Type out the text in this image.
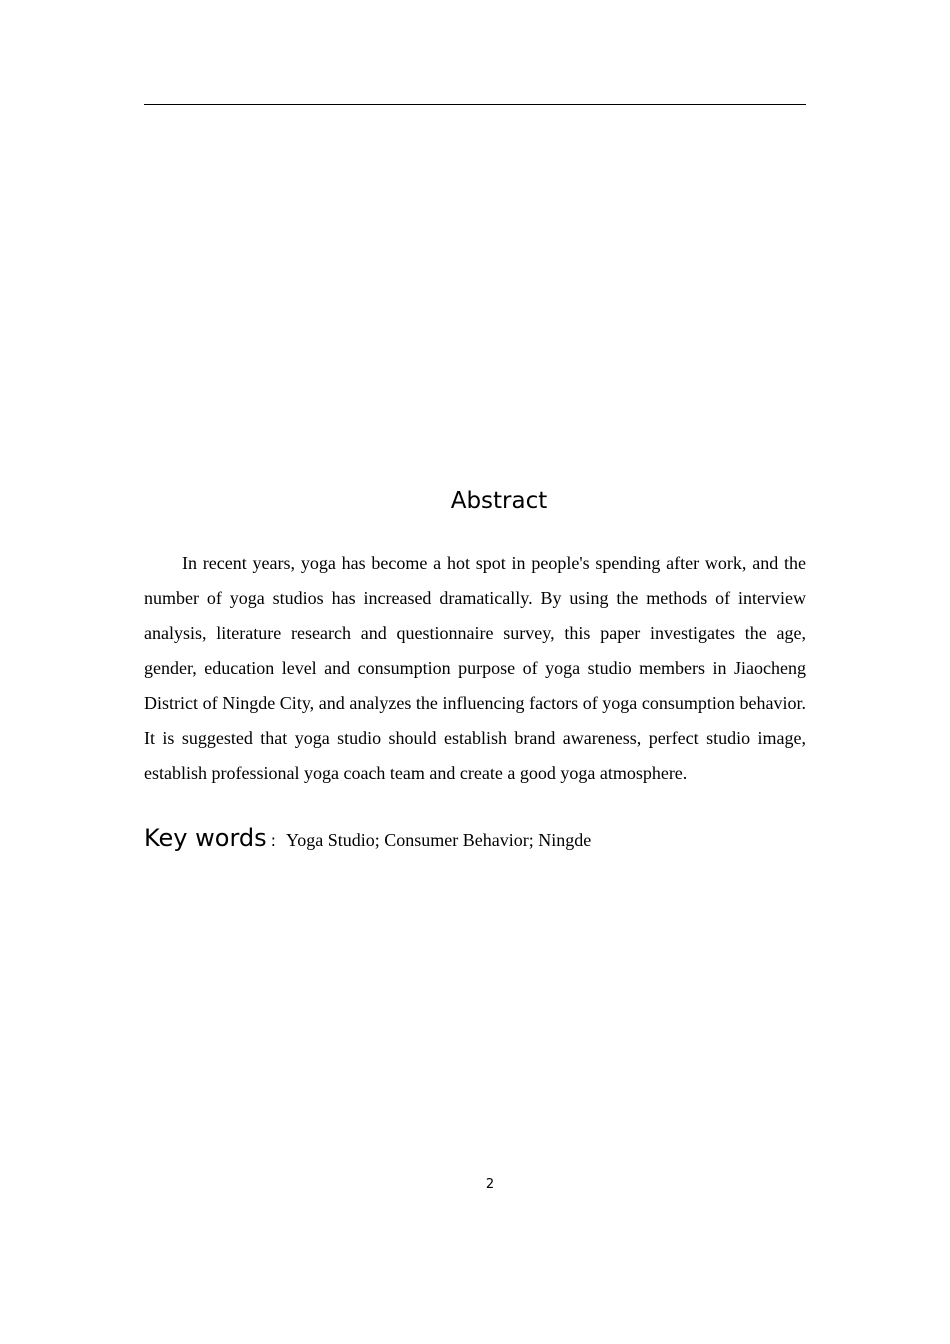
Abstract

In recent years, yoga has become a hot spot in people's spending after work, and the number of yoga studios has increased dramatically. By using the methods of interview analysis, literature research and questionnaire survey, this paper investigates the age, gender, education level and consumption purpose of yoga studio members in Jiaocheng District of Ningde City, and analyzes the influencing factors of yoga consumption behavior. It is suggested that yoga studio should establish brand awareness, perfect studio image, establish professional yoga coach team and create a good yoga atmosphere.

Key words : Yoga Studio; Consumer Behavior; Ningde
2
